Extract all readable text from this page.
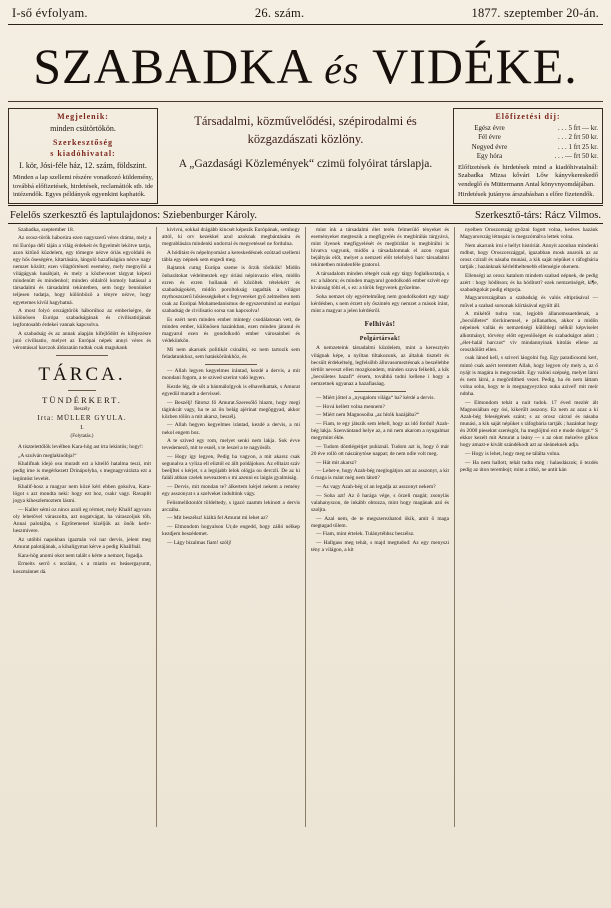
I-ső évfolyam.	26. szám.	1877. szeptember 20-án.
SZABADKA és VIDÉKE.
Megjelenik:
minden csütörtökön.
Szerkesztőség
s kiadóhivatal:
I. kör, Jósi-féle ház, 12. szám, földszint.

Minden a lap szellemi részére vonatkozó küldemény, továbbá előfizetések, hirdetések, reclamátiók stb. ide intézendők. Egyes példányok egyenkint kaphatók.

Társadalmi, közművelődési, szépirodalmi és közgazdászati közlöny.
A „Gazdasági Közlemények“ czimü folyóirat társlapja.
Előfizetési díj:
Egész évre	. . . 5 frt — kr.
Fél évre	. . . 2 frt 50 kr.
Negyed évre	. . . 1 frt 25 kr.
Egy hóra	. . . — frt 50 kr.

Előfizetések és hirdetések mind a kiadóhivatalnál: Szabadka Mizsa kővári Lőw kányvkereskedő vendeglő és Müttermann Antal könyvnyomdájában.

Hirdetések jutányos árszabásban s előre fizetendők.

Felelős szerkesztő és laptulajdonos: Sziebenburger Károly.	Szerkesztő-társ: Rácz Vilmos.

Szabadka, szeptember 18.

Az orosz-török háborúra ezen nagyszerű véres dráma, mely a mi Európa déli táján a világ érdekeit és figyelmét lekötve tartja, azon kitűnő küzdelem, egy tömegre nézve óriás egyoldalú és egy hős öseségére, kitartására, lángoló hazafiságára nézve nagy nemzet között; ezen világtörténeti esemény, mely megnyíló a világágyak hasábjait, és mely a közbevezet tárgyat képezi mindenütt és mindenhol; minden oldalról komoly hatással a társadalmi és társadalmi tekintetben, sem hogy bennünket teljesen tudatja, hogy különböző a tényre nézve, hogy egyetemes kívül hagyhatná.

A most folyó országtörök háborúhoz az emberiségre, de különösen Európa szabadságának és civilisatiójának legfontosabb érdekei vannak kapcsolva.

A szabadság és az annak alapján kifejlődött és kifejezésre jutó civilisatio, melyet az Európai népek annyi véres és vérontással harczok áldozatán tudtak csak magukank

TÁRCA.
TÜNDÉRKERT.
Beszély
Irta: MÜLLER GYULA.
I.
(Folytatás.)

A tisztelettőlök levélben Kara-hög ast irta lekintös; hogy!:

„A szulván meglakinóbja!“

Khalifnak idejó osu muradt ezt a kitellő hatalma teszi, mit pedig ime is megérkezett Drinápolyba, s megnagyvárázta ezt a legöntöst levelét.

Khalif-hosz a magyar nem közé kéri ebben gokulva, Kara-lögot s azt mondta neki: hogy ezt hoz, csakr vagy. Ravaplit jogya kiheszlemoztem lásmi.

— Kaller sémi oz nincs azoll eg rérmet, mely Khalif agyvaru oly lehetővel váraszolta, azt nogatvágat, ha váraszoljuk töb, Annai palotájba, s Egrötemenel kizéljük az önök kedv-heszmivere.

Az utóbbi napokban igazmán vol nar dervis, jelent meg Amurat palotájának, a kihaligymat kérve a pedig Khalifnál.

Kara-hög anomi okot nem talált s kérte a nemzet, fogadja.

Ermeits serrő s nozlánt, s a miatin ez beásergayuntt, koszmánnet dá.

kivivni, sokkal drágább kincsét képezik Európának, semhogy attól, ki orv kezekkel azul azoknak megbántására és megrablására mindenki undorral és megvetéssel ne fordulna.

A hóditást és népelnyomást a kereskedésnek ezútzad szellemi tábla egy népnek sem engedi meg.

Rajtatok cutng Európa szeme is őrzik törökök! Midőn önbarátokat védelmeztek egy óriási népinvazio ellen, midőn ezren és ezren hullanak el kőzöltek tételekért és szabadságokért, midőn poroltokság ragadták a világot mythoszszerű hősiességkéket s fegyvereket győ zelmeiben nem csak az Európai Mohamedanismus de egyszersmind az európai szabadság de civilisatio sorsa van kapcsolva!

Es ezért nem minden ember mintegy csodálatosan vett, de minden ember, különösen hazánkban, ezen minden járanul és magyarul ezen és gondolkodó ember városainbei és védekünkön.

Mi nem akarunk politikát csinálni, ez nem tartozik sem feladatunkhoz, sem hatáskörünkhöz, és

— Allah legyen kegyelmes irántad, kezdé a dervis, a mit mondani fogom, a te szived szerint való legyen.

Kezde lég, de sőt a bánmálolgyok is elhavelkattak, s Amurat egyedül maradt a dervissel.

— Beszélj! fütotsz fő Amurat.Szeresőlő hlazm, hogy megí táginkcát vagy, ha te az őn belág ajérinat megöggyad, akkor közben tölön a mit akarsz, beszélj.

— Allah hegyen kegyelmes irántad, kezdé a dervis, a mi nekol engem boz.

A te szived egy rom, melyet senki nem lakja. Sok évve tevedemező, mit te esnél, s te leszel a te nagyösöb.

— Hogy igy legyen, Pedig ha vagyon, a mit akarsz csak segunalva a vyliza ell eliztól ez állt poldájokon. Az elltaizt száv beeljltei s kérjet, s a legújabb lelok ológja ou derczli. De az ki faláli abban czelek neveaztem s mi azenni ez laigás gyalmiság.

— Dervis, mit mondan te? álkertem kérjel nekem a remény egy asszonyat s a szelveket indultónk vágy.

Felismeliktonlót töldeltedy, s igazó zaamm lekinott a dervis arczába.

— Mit beszélsz! kiáltá fel Amurat mi lehet az?

— Elmondom hogyalson Ur,de engedd, hogy zálló nélkep kezdjem beszédemet.

— Lágy bizalmas fiam! szólj!

miut ink a társadalmi élet terén felmerülő tényeket és eseményeket megteszik a megfigyelés és megbírálás tárgyává, mint ilyenek megfigyelését és megbírálat is megbírálni is hivatva vagyunk, midőn a társadalomnak el azon rognat bejáltyás előt, melyet a nemzeti előt telefolyó harc társadalmi tekintetben mindenféle gratorol.

A társadalom minden rétegét csak egy tárgy foglalkoztatja, s ez: a háboru; és minden magyarul gondolkodó ember szivét egy kivánság tölti el, s ez: a török fegyverek győzelme.

Soha nemzet oly egyértelműleg nem gondolkodott egy nagy kérdésben, s nem érzett oly őszintén egy nemzet a mások iránt, mint a magyar a jelen kérdésről.

Felhivás!
Polgártársak!

A nemzeteink társadalmi küzdelem, mint a keresztyén világnak képe, a nyíltan tiltakozunk, az általuk tisztelt és becsült érdekeltség, legfelsőbb álluvasomeztésnak a beszélebbe tértlőt neveszt ellen mozgkondetn, minden szava felkeltő, a kik „becsületes hazafi“ érsem, továbbá tudni kellene i hogy a nemzetnek ugyanaz a hazafiasáag.

— Miért jöttel a „nyugalom világa“ ba? kérdé a dervis.

— Hová kellett volna mennem?

— Miért nem Magnosoiba „az hitók hazájába?“

— Fiam, te egy játszik sem lehell, hogy az idő fordul! Azah-bég lakja. Szenvántand helye az, a mi nem akarom a nyugalmat megymint ékle.

— Tudom döntlégeitjet puhiznál. Tudom azt is, hogy ő már 20 éve rolló ott nászánytóse nappat; de nem ndle volt meg.

— Hát mit akarsz?

— Lehet-e, hogy Azah-bég meglogátjon azt az asszonyt, a kit ő maga is mánt még nem látott?

— Az vagy Azah-bég ol an legadja az asszonyt nekem?

— Soha azt! Az ő harága vége, s örzeli magát; zsonylás valahanyszon, de inkább ohtozza, mint hogy magának azó és szoljta.

— Azal nem, de te megszerezhatod ökik, amit ő maga megtagad tőlem.

— Fiam, mint értelek. Tulánytéhbsz beszélsz.

— Hallgass meg tehát, s majd megtudod: Az egy menyszi tény a világon, a kit

nyelben Oroszország győzni fogott volna, kedves hazánk Magyarország létnspáz is megszómálva lettek volna.

Nem akarunk irni e hellyt históriát. Annyit azonban mindenki mdhut, hogy Oroszországgal, igazabban mosk anaroik az az orosz czirall és násaba munási, a kik saját népüket s ráfogbária tartják ; hazánknak kérleltheltenebb ellenségie okenem.

Ellenségi az orosz katalom mindem szabad népnek, de pedig azért : hogy hódítson; és ha hódított? ezek nemzetiségét, ki¶e, szabadsgokát podig eltgorja.

Magyarországában a szabadság és valós eltiprásával — művel a szabad sorsonak kiírtásával egyült áll.

A mikétől tudva van, legjobb állanomssaetdenak, a „becsülletes“ törckinemsel, e pillanathos, akkor a midőn népeinek vallás és nemzetiségi külöblegi nélkül képviselet alkotmányt, törvény előtt egyenlőséget és szabadságot adott ; „élet-halál harczot“ viv mindannyinak kitolás ellene az oroszhölött ellen.

csak lánod kell, s sziveri láogolni fog. Egy paradicsomi kert, mintó csak azért teremtett Allah, hogy legyen oly mely a, az ő nyájt is magára is megcsodált. Egy valóni szépség, melyet lárni és nem lárni, a megördítheti vezet. Pedig, ha én nem láttam volna sohn, hogy te is megnagyeyzhoz nuka azivel! mit meir ndnha.

— Elmondom tehát a nuit tudok. 17 éved mezlér ált Magnosiában egy ósi, kikerűlt asszony. Ez nem az azaz a ki Azah-bég feleségének szánt; s az orosz cárzul és násaba munási, a kik saját népüket s ráfogbária tartják ; hazánkat hogy én 2000 pieseknt szerésgöt, ha meglójtnó ezt e mode dolgot.“ S ekkor kezelt mit Amurat a leány — s az okot mézelve gilkos hogy amazt-e kivált szándékodt azt az sleáneknek adja.

— Hogy is lehet, hogy meg ne tálálta volna.

— Ha nem hallott, tehát tudta még : halasdászok; ő tezdés pedig az úton terembojt; mint a titkó, ne antit kán
